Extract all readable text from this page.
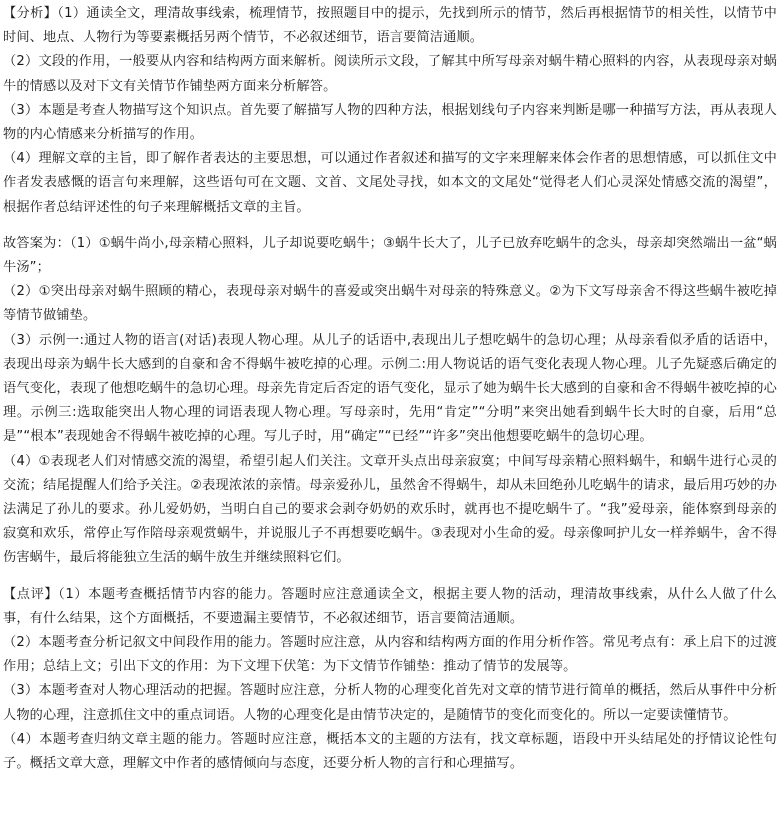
【分析】（1）通读全文，理清故事线索，梳理情节，按照题目中的提示，先找到所示的情节，然后再根据情节的相关性，以情节中时间、地点、人物行为等要素概括另两个情节，不必叙述细节，语言要简洁通顺。

（2）文段的作用，一般要从内容和结构两方面来解析。阅读所示文段，了解其中所写母亲对蜗牛精心照料的内容，从表现母亲对蜗牛的情感以及对下文有关情节作铺垫两方面来分析解答。

（3）本题是考查人物描写这个知识点。首先要了解描写人物的四种方法，根据划线句子内容来判断是哪一种描写方法，再从表现人物的内心情感来分析描写的作用。

（4）理解文章的主旨，即了解作者表达的主要思想，可以通过作者叙述和描写的文字来理解来体会作者的思想情感，可以抓住文中作者发表感慨的语言句来理解，这些语句可在文题、文首、文尾处寻找，如本文的文尾处“觉得老人们心灵深处情感交流的渴望”，根据作者总结评述性的句子来理解概括文章的主旨。

故答案为：（1）①蜗牛尚小,母亲精心照料，儿子却说要吃蜗牛；③蜗牛长大了，儿子已放弃吃蜗牛的念头，母亲却突然端出一盆“蜗牛汤”；

（2）①突出母亲对蜗牛照顾的精心，表现母亲对蜗牛的喜爱或突出蜗牛对母亲的特殊意义。②为下文写母亲舍不得这些蜗牛被吃掉等情节做铺垫。

（3）示例一:通过人物的语言(对话)表现人物心理。从儿子的话语中,表现出儿子想吃蜗牛的急切心理；从母亲看似矛盾的话语中，表现出母亲为蜗牛长大感到的自豪和舍不得蜗牛被吃掉的心理。示例二:用人物说话的语气变化表现人物心理。儿子先疑惑后确定的语气变化，表现了他想吃蜗牛的急切心理。母亲先肯定后否定的语气变化，显示了她为蜗牛长大感到的自豪和舍不得蜗牛被吃掉的心理。示例三:选取能突出人物心理的词语表现人物心理。写母亲时，先用“肯定”“分明”来突出她看到蜗牛长大时的自豪，后用“总是”“根本”表现她舍不得蜗牛被吃掉的心理。写儿子时，用“确定”“已经”“许多”突出他想要吃蜗牛的急切心理。

（4）①表现老人们对情感交流的渴望，希望引起人们关注。文章开头点出母亲寂寞；中间写母亲精心照料蜗牛，和蜗牛进行心灵的交流；结尾提醒人们给予关注。②表现浓浓的亲情。母亲爱孙儿，虽然舍不得蜗牛，却从未回绝孙儿吃蜗牛的请求，最后用巧妙的办法满足了孙儿的要求。孙儿爱奶奶，当明白自己的要求会剥夺奶奶的欢乐时，就再也不提吃蜗牛了。“我”爱母亲，能体察到母亲的寂寞和欢乐，常停止写作陪母亲观赏蜗牛，并说服儿子不再想要吃蜗牛。③表现对小生命的爱。母亲像呵护儿女一样养蜗牛，舍不得伤害蜗牛，最后将能独立生活的蜗牛放生并继续照料它们。

【点评】（1）本题考查概括情节内容的能力。答题时应注意通读全文，根据主要人物的活动，理清故事线索，从什么人做了什么事，有什么结果，这个方面概括，不要遗漏主要情节，不必叙述细节，语言要简洁通顺。

（2）本题考查分析记叙文中间段作用的能力。答题时应注意，从内容和结构两方面的作用分析作答。常见考点有：承上启下的过渡作用；总结上文；引出下文的作用：为下文埋下伏笔：为下文情节作铺垫：推动了情节的发展等。

（3）本题考查对人物心理活动的把握。答题时应注意，分析人物的心理变化首先对文章的情节进行简单的概括，然后从事件中分析人物的心理，注意抓住文中的重点词语。人物的心理变化是由情节决定的，是随情节的变化而变化的。所以一定要读懂情节。

（4）本题考查归纳文章主题的能力。答题时应注意，概括本文的主题的方法有，找文章标题，语段中开头结尾处的抒情议论性句子。概括文章大意，理解文中作者的感情倾向与态度，还要分析人物的言行和心理描写。
